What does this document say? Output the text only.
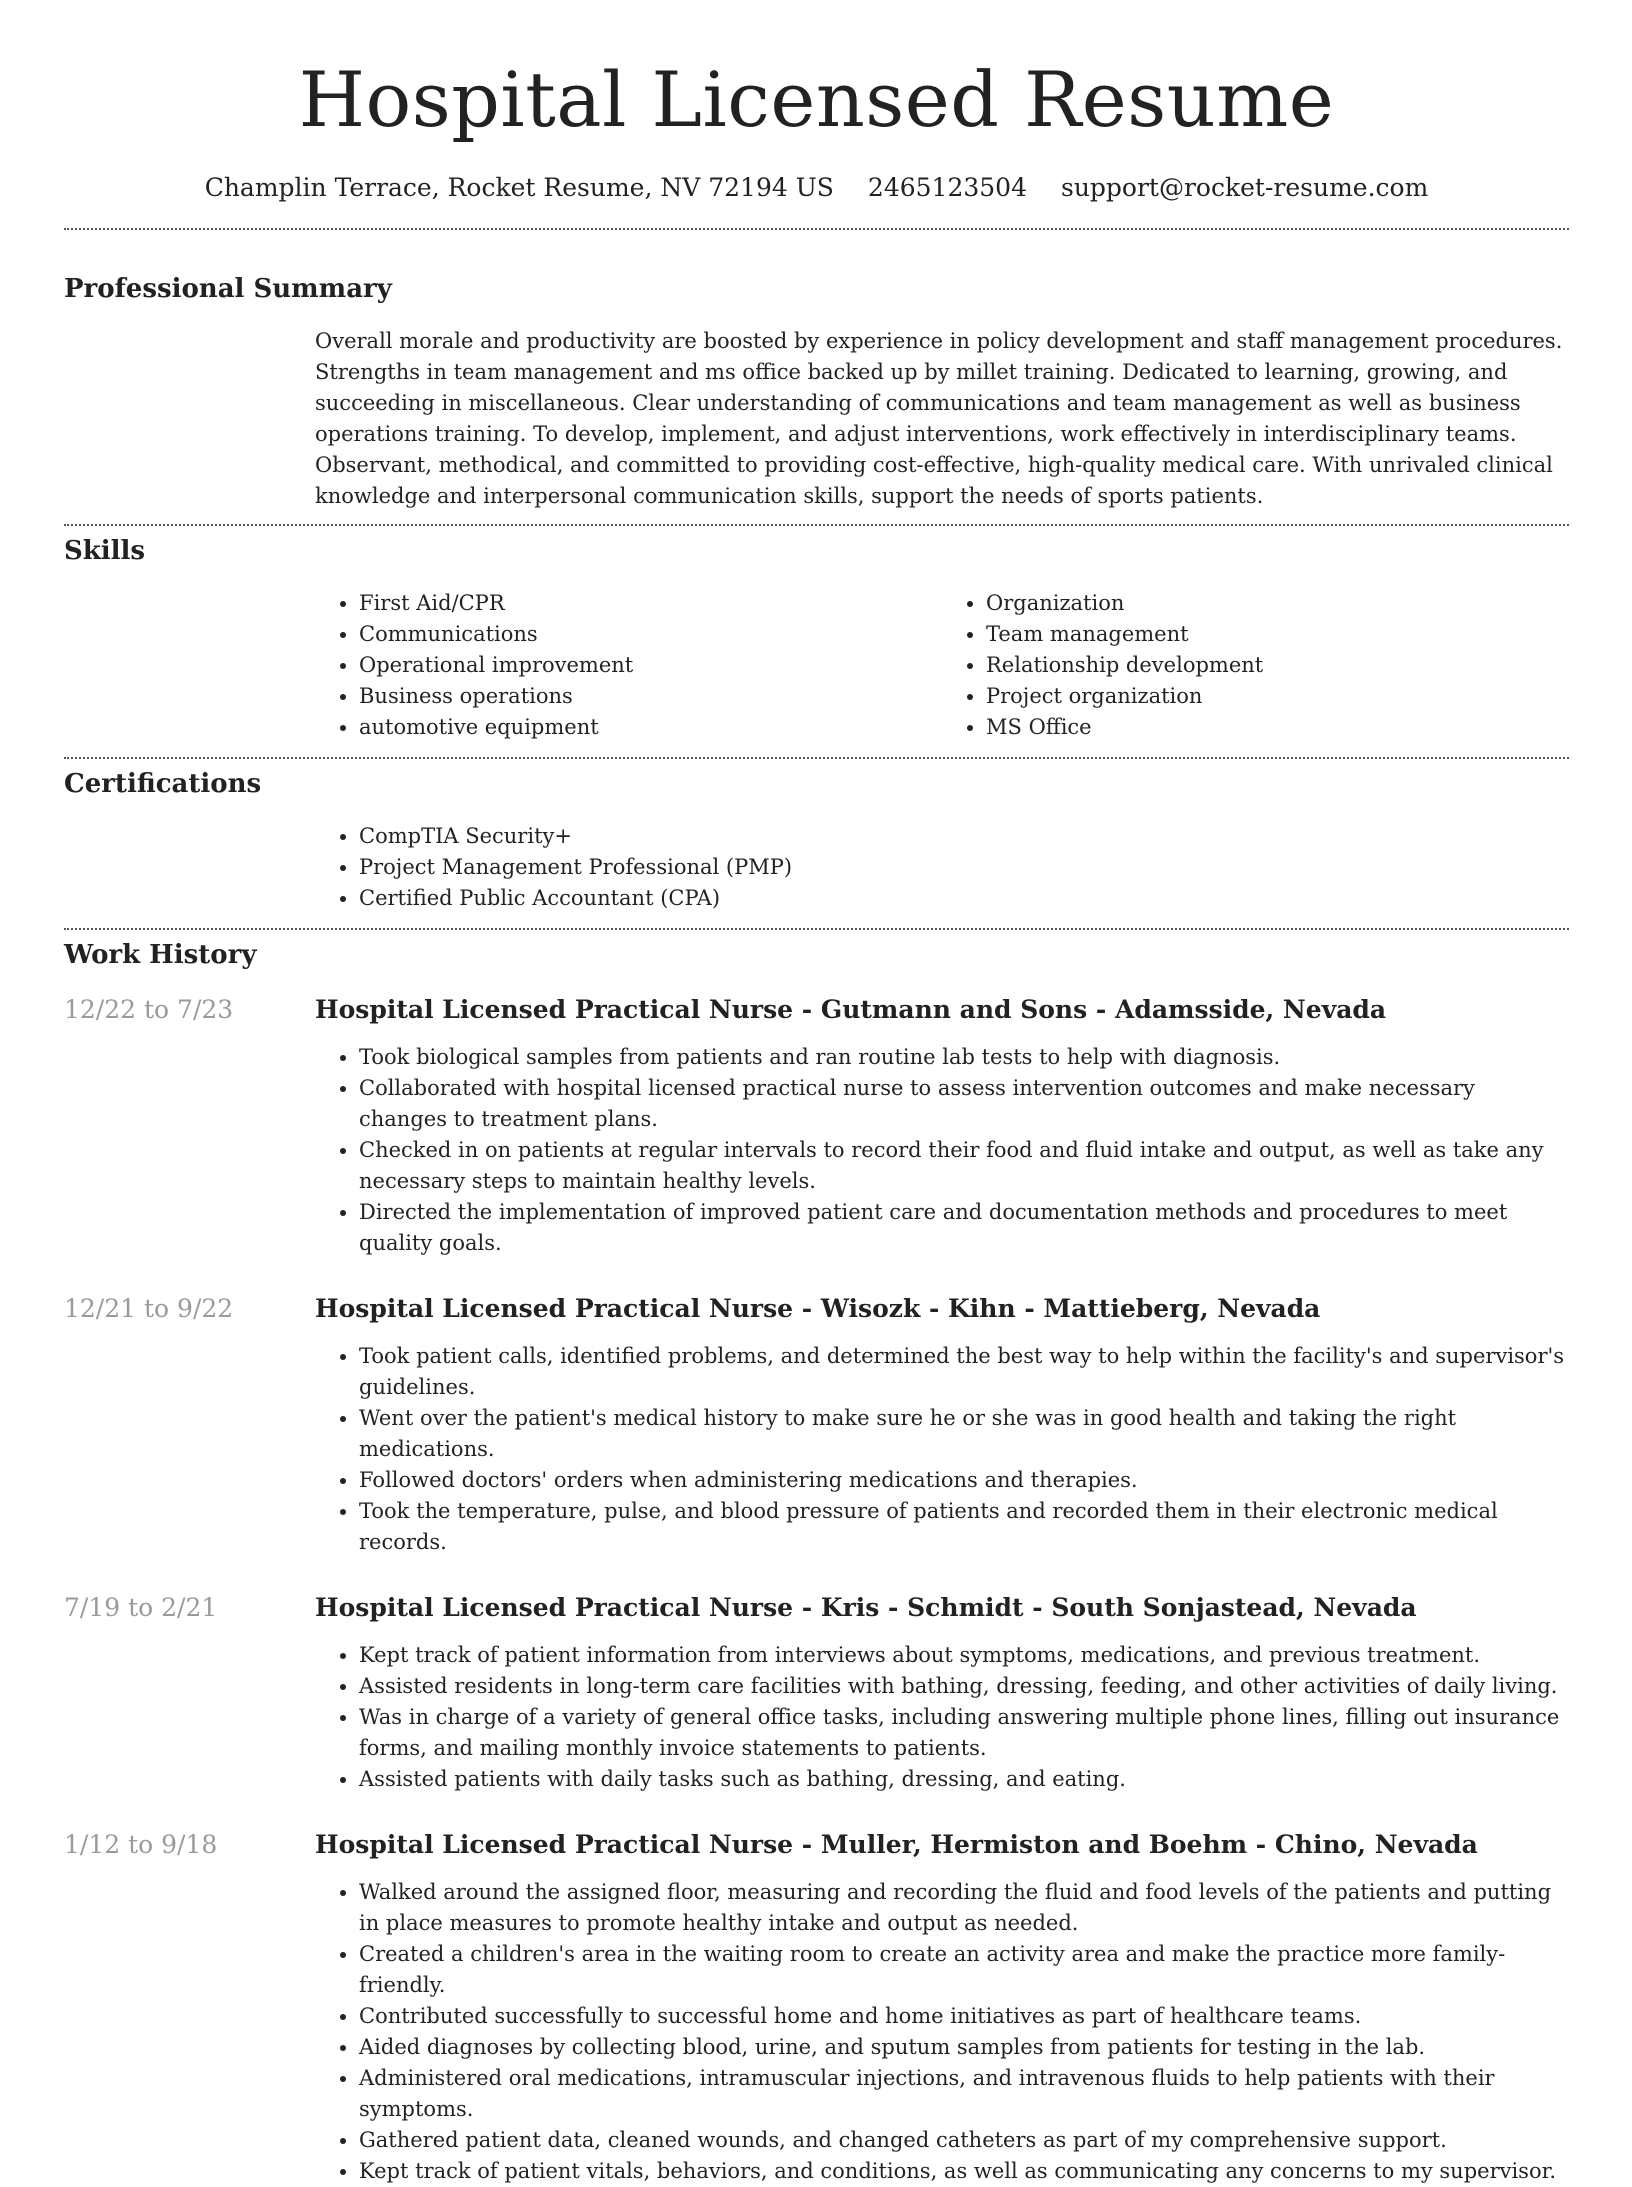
Hospital Licensed Resume
Champlin Terrace, Rocket Resume, NV 72194 US 2465123504 support@rocket-resume.com
Professional Summary

Overall morale and productivity are boosted by experience in policy development and staff management procedures. Strengths in team management and ms office backed up by millet training. Dedicated to learning, growing, and succeeding in miscellaneous. Clear understanding of communications and team management as well as business operations training. To develop, implement, and adjust interventions, work effectively in interdisciplinary teams. Observant, methodical, and committed to providing cost-effective, high-quality medical care. With unrivaled clinical knowledge and interpersonal communication skills, support the needs of sports patients.

Skills
• First Aid/CPR
• Communications
• Operational improvement
• Business operations
• automotive equipment
• Organization
• Team management
• Relationship development
• Project organization
• MS Office
Certifications
• CompTIA Security+
• Project Management Professional (PMP)
• Certified Public Accountant (CPA)
Work History
12/22 to 7/23	Hospital Licensed Practical Nurse - Gutmann and Sons - Adamsside, Nevada
• Took biological samples from patients and ran routine lab tests to help with diagnosis.
• Collaborated with hospital licensed practical nurse to assess intervention outcomes and make necessary changes to treatment plans.
• Checked in on patients at regular intervals to record their food and fluid intake and output, as well as take any necessary steps to maintain healthy levels.
• Directed the implementation of improved patient care and documentation methods and procedures to meet quality goals.
12/21 to 9/22	Hospital Licensed Practical Nurse - Wisozk - Kihn - Mattieberg, Nevada
• Took patient calls, identified problems, and determined the best way to help within the facility's and supervisor's guidelines.
• Went over the patient's medical history to make sure he or she was in good health and taking the right medications.
• Followed doctors' orders when administering medications and therapies.
• Took the temperature, pulse, and blood pressure of patients and recorded them in their electronic medical records.
7/19 to 2/21	Hospital Licensed Practical Nurse - Kris - Schmidt - South Sonjastead, Nevada
• Kept track of patient information from interviews about symptoms, medications, and previous treatment.
• Assisted residents in long-term care facilities with bathing, dressing, feeding, and other activities of daily living.
• Was in charge of a variety of general office tasks, including answering multiple phone lines, filling out insurance forms, and mailing monthly invoice statements to patients.
• Assisted patients with daily tasks such as bathing, dressing, and eating.
1/12 to 9/18	Hospital Licensed Practical Nurse - Muller, Hermiston and Boehm - Chino, Nevada
• Walked around the assigned floor, measuring and recording the fluid and food levels of the patients and putting in place measures to promote healthy intake and output as needed.
• Created a children's area in the waiting room to create an activity area and make the practice more family-friendly.
• Contributed successfully to successful home and home initiatives as part of healthcare teams.
• Aided diagnoses by collecting blood, urine, and sputum samples from patients for testing in the lab.
• Administered oral medications, intramuscular injections, and intravenous fluids to help patients with their symptoms.
• Gathered patient data, cleaned wounds, and changed catheters as part of my comprehensive support.
• Kept track of patient vitals, behaviors, and conditions, as well as communicating any concerns to my supervisor.
